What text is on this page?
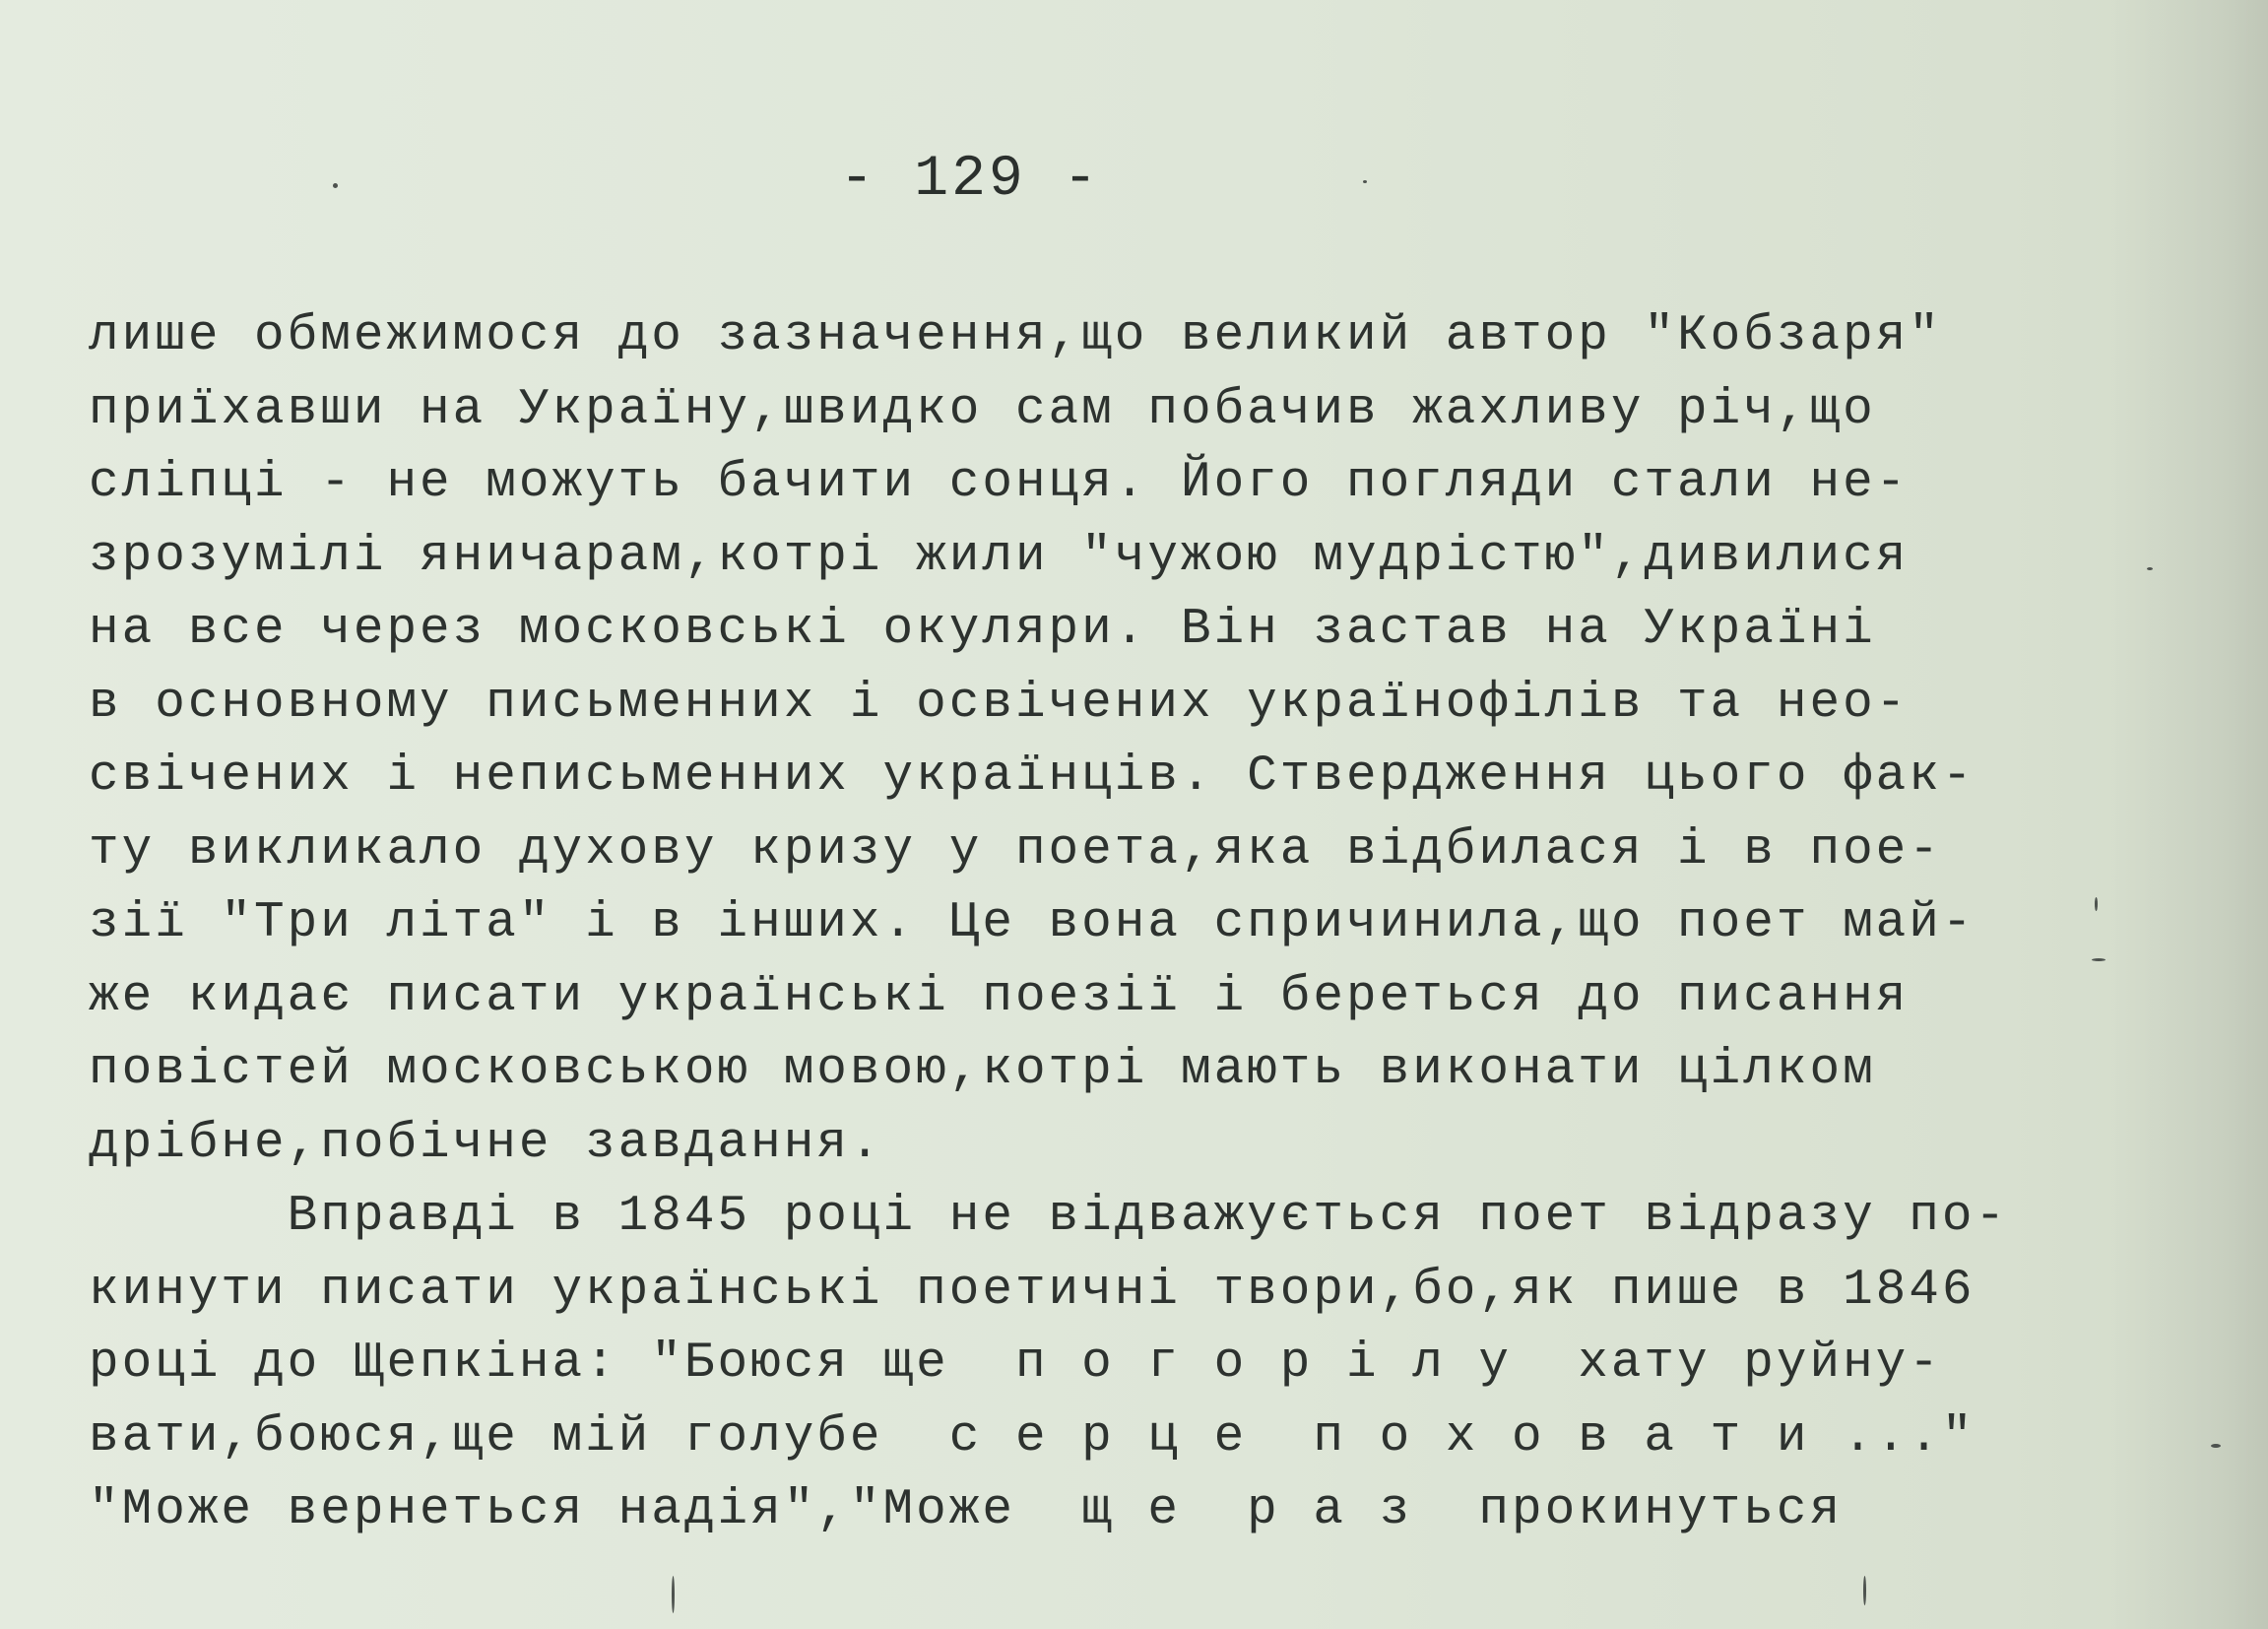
- 129 -
лише обмежимося до зазначення,що великий автор "Кобзаря"
приїхавши на Україну,швидко сам побачив жахливу річ,що
сліпці - не можуть бачити сонця. Його погляди стали не-
зрозумілі яничарам,котрі жили "чужою мудрістю",дивилися
на все через московські окуляри. Він застав на Україні
в основному письменних і освічених українофілів та нео-
свічених і неписьменних українців. Ствердження цього фак-
ту викликало духову кризу у поета,яка відбилася і в пое-
зії "Три літа" і в інших. Це вона спричинила,що поет май-
же кидає писати українські поезії і береться до писання
повістей московською мовою,котрі мають виконати цілком
дрібне,побічне завдання.
Вправді в 1845 році не відважується поет відразу по-
кинути писати українські поетичні твори,бо,як пише в 1846
році до Щепкіна: "Боюся ще  п о г о р і л у  хату руйну-
вати,боюся,ще мій голубе  с е р ц е  п о х о в а т и ..."
"Може вернеться надія","Може  щ е  р а з  прокинуться
